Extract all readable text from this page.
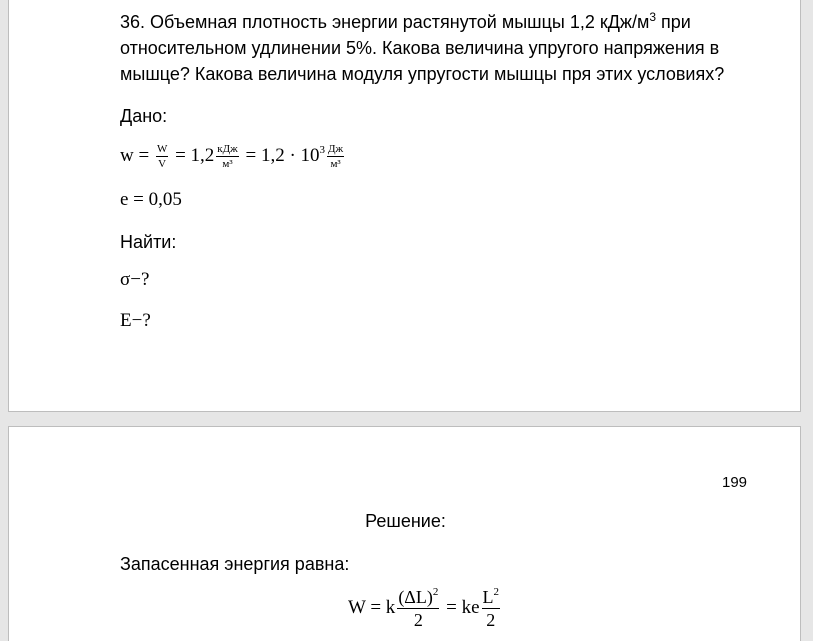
36. Объемная плотность энергии растянутой мышцы 1,2 кДж/$м^3$ при относительном удлинении 5%. Какова величина упругого напряжения в мышце? Какова величина модуля упругости мышцы пря этих условиях?

Дано:

$w = \frac{W}{V} = 1,2 \frac{\text{кДж}}{\text{м³}} = 1,2 \cdot 10^3 \frac{Дж}{\text{м³}}$

e = 0,05

Найти:

σ−?

E−?

199

Решение:

Запасенная энергия равна:

W = k $\frac{(\Delta L)^2}{2}$ = ke $\frac{L^2}{2}$
